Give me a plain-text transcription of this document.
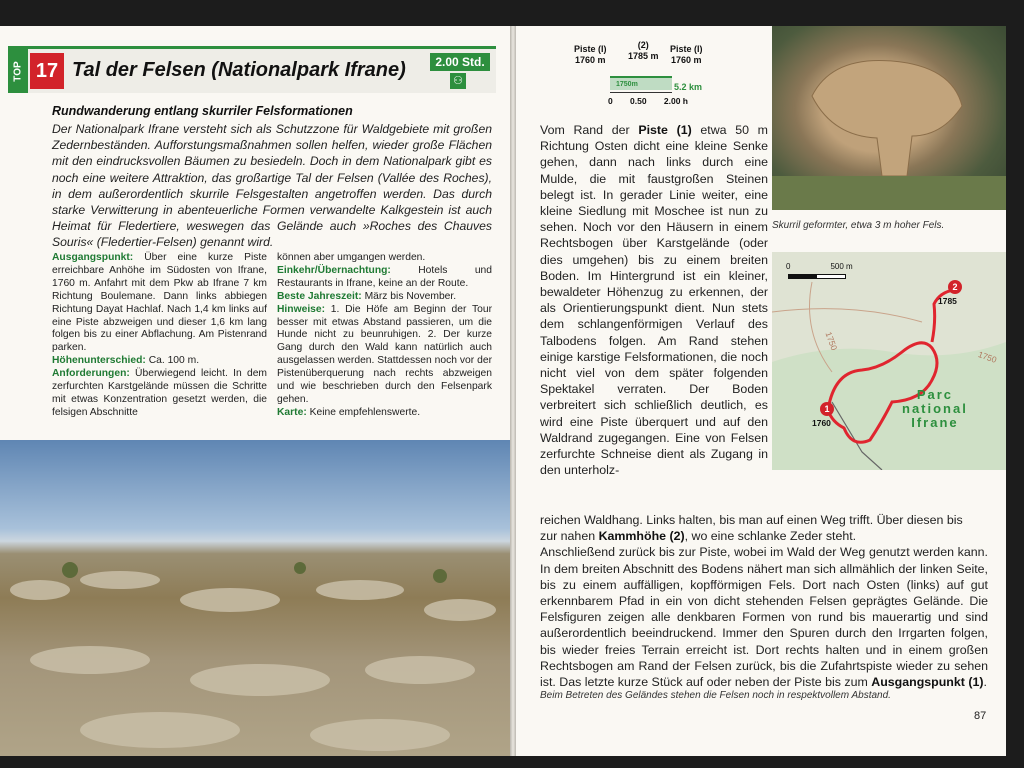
TOP 17 Tal der Felsen (Nationalpark Ifrane)	2.00 Std.
⚇
Rundwanderung entlang skurriler Felsformationen

Der Nationalpark Ifrane versteht sich als Schutzzone für Waldgebiete mit großen Zedernbeständen. Aufforstungsmaßnahmen sollen helfen, wieder große Flächen mit den eindrucksvollen Bäumen zu besiedeln. Doch in dem Nationalpark gibt es noch eine weitere Attraktion, das großartige Tal der Felsen (Vallée des Roches), in dem außerordentlich skurrile Felsgestalten angetroffen werden. Das durch starke Verwitterung in abenteuerliche Formen verwandelte Kalkgestein ist auch Heimat für Fledertiere, weswegen das Gelände auch »Roches des Chauves Souris« (Fledertier-Felsen) genannt wird.

Ausgangspunkt: Über eine kurze Piste erreichbare Anhöhe im Südosten von Ifrane, 1760 m. Anfahrt mit dem Pkw ab Ifrane 7 km Richtung Boulemane. Dann links abbiegen Richtung Dayat Hachlaf. Nach 1,4 km links auf eine Piste abzweigen und dieser 1,6 km lang folgen bis zu einer Abflachung. Am Pistenrand parken.

Höhenunterschied: Ca. 100 m.

Anforderungen: Überwiegend leicht. In dem zerfurchten Karstgelände müssen die Schritte mit etwas Konzentration gesetzt werden, die felsigen Abschnitte

können aber umgangen werden.

Einkehr/Übernachtung: Hotels und Restaurants in Ifrane, keine an der Route.

Beste Jahreszeit: März bis November.

Hinweise: 1. Die Höfe am Beginn der Tour besser mit etwas Abstand passieren, um die Hunde nicht zu beunruhigen. 2. Der kurze Gang durch den Wald kann natürlich auch ausgelassen werden. Stattdessen noch vor der Pistenüberquerung nach rechts abzweigen und wie beschrieben durch den Felsenpark gehen.

Karte: Keine empfehlenswerte.

Piste (I)
1760 m
(2)
1785 m
Piste (I)
1760 m
1750m	5.2 km
0 0.50 2.00 h
Skurril geformter, etwa 3 m hoher Fels.
0	500 m
1
2
1760
1785
1750
1750
Parc
national
Ifrane

Vom Rand der Piste (1) etwa 50 m Richtung Osten dicht eine kleine Senke gehen, dann nach links durch eine Mulde, die mit faustgroßen Steinen belegt ist. In gerader Linie weiter, eine kleine Siedlung mit Moschee ist nun zu sehen. Noch vor den Häusern in einem Rechtsbogen über Karstgelände (oder dies umgehen) bis zu einem breiten Boden. Im Hintergrund ist ein kleiner, bewaldeter Höhenzug zu erkennen, der als Orientierungspunkt dient. Nun stets dem schlangenförmigen Verlauf des Talbodens folgen. Am Rand stehen einige karstige Felsformationen, die noch nicht viel von dem später folgenden Spektakel verraten. Der Boden verbreitert sich schließlich deutlich, es wird eine Piste überquert und auf den Waldrand zugegangen. Eine von Felsen zerfurchte Schneise dient als Zugang in den unterholz-

reichen Waldhang. Links halten, bis man auf einen Weg trifft. Über diesen bis

zur nahen Kammhöhe (2), wo eine schlanke Zeder steht.

Anschließend zurück bis zur Piste, wobei im Wald der Weg genutzt werden kann. In dem breiten Abschnitt des Bodens nähert man sich allmählich der linken Seite, bis zu einem auffälligen, kopfförmigen Fels. Dort nach Osten (links) auf gut erkennbarem Pfad in ein von dicht stehenden Felsen geprägtes Gelände. Die Felsfiguren zeigen alle denkbaren Formen von rund bis mauerartig und sind außerordentlich beeindruckend. Immer den Spuren durch den Irrgarten folgen, bis wieder freies Terrain erreicht ist. Dort rechts halten und in einem großen Rechtsbogen am Rand der Felsen zurück, bis die Zufahrtspiste wieder zu sehen ist. Das letzte kurze Stück auf oder neben der Piste bis zum Ausgangspunkt (1).

Beim Betreten des Geländes stehen die Felsen noch in respektvollem Abstand.
87
